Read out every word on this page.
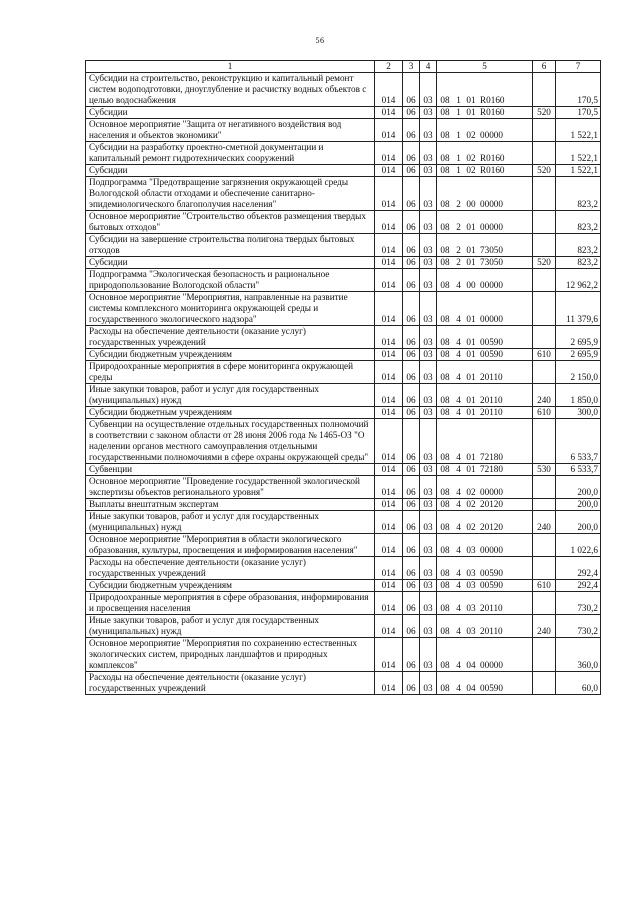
56
1	2	3	4	5	6	7
Субсидии на строительство, реконструкцию и капитальный ремонт систем водоподготовки, дноуглубление и расчистку водных объектов с целью водоснабжения	014	06	03	08 1 01 R0160		170,5
Субсидии	014	06	03	08 1 01 R0160	520	170,5
Основное мероприятие "Защита от негативного воздействия вод населения и объектов экономики"	014	06	03	08 1 02 00000		1 522,1
Субсидии на разработку проектно-сметной документации и капитальный ремонт гидротехнических сооружений	014	06	03	08 1 02 R0160		1 522,1
Субсидии	014	06	03	08 1 02 R0160	520	1 522,1
Подпрограмма "Предотвращение загрязнения окружающей среды Вологодской области отходами и обеспечение санитарно-эпидемиологического благополучия населения"	014	06	03	08 2 00 00000		823,2
Основное мероприятие "Строительство объектов размещения твердых бытовых отходов"	014	06	03	08 2 01 00000		823,2
Субсидии на завершение строительства полигона твердых бытовых отходов	014	06	03	08 2 01 73050		823,2
Субсидии	014	06	03	08 2 01 73050	520	823,2
Подпрограмма "Экологическая безопасность и рациональное природопользование Вологодской области"	014	06	03	08 4 00 00000		12 962,2
Основное мероприятие "Мероприятия, направленные на развитие системы комплексного мониторинга окружающей среды и государственного экологического надзора"	014	06	03	08 4 01 00000		11 379,6
Расходы на обеспечение деятельности (оказание услуг) государственных учреждений	014	06	03	08 4 01 00590		2 695,9
Субсидии бюджетным учреждениям	014	06	03	08 4 01 00590	610	2 695,9
Природоохранные мероприятия в сфере мониторинга окружающей среды	014	06	03	08 4 01 20110		2 150,0
Иные закупки товаров, работ и услуг для государственных (муниципальных) нужд	014	06	03	08 4 01 20110	240	1 850,0
Субсидии бюджетным учреждениям	014	06	03	08 4 01 20110	610	300,0
Субвенции на осуществление отдельных государственных полномочий в соответствии с законом области от 28 июня 2006 года № 1465-ОЗ "О наделении органов местного самоуправления отдельными государственными полномочиями в сфере охраны окружающей среды"	014	06	03	08 4 01 72180		6 533,7
Субвенции	014	06	03	08 4 01 72180	530	6 533,7
Основное мероприятие "Проведение государственной экологической экспертизы объектов регионального уровня"	014	06	03	08 4 02 00000		200,0
Выплаты внештатным экспертам	014	06	03	08 4 02 20120		200,0
Иные закупки товаров, работ и услуг для государственных (муниципальных) нужд	014	06	03	08 4 02 20120	240	200,0
Основное мероприятие "Мероприятия в области экологического образования, культуры, просвещения и информирования населения"	014	06	03	08 4 03 00000		1 022,6
Расходы на обеспечение деятельности (оказание услуг) государственных учреждений	014	06	03	08 4 03 00590		292,4
Субсидии бюджетным учреждениям	014	06	03	08 4 03 00590	610	292,4
Природоохранные мероприятия в сфере образования, информирования и просвещения населения	014	06	03	08 4 03 20110		730,2
Иные закупки товаров, работ и услуг для государственных (муниципальных) нужд	014	06	03	08 4 03 20110	240	730,2
Основное мероприятие "Мероприятия по сохранению естественных экологических систем, природных ландшафтов и природных комплексов"	014	06	03	08 4 04 00000		360,0
Расходы на обеспечение деятельности (оказание услуг) государственных учреждений	014	06	03	08 4 04 00590		60,0
